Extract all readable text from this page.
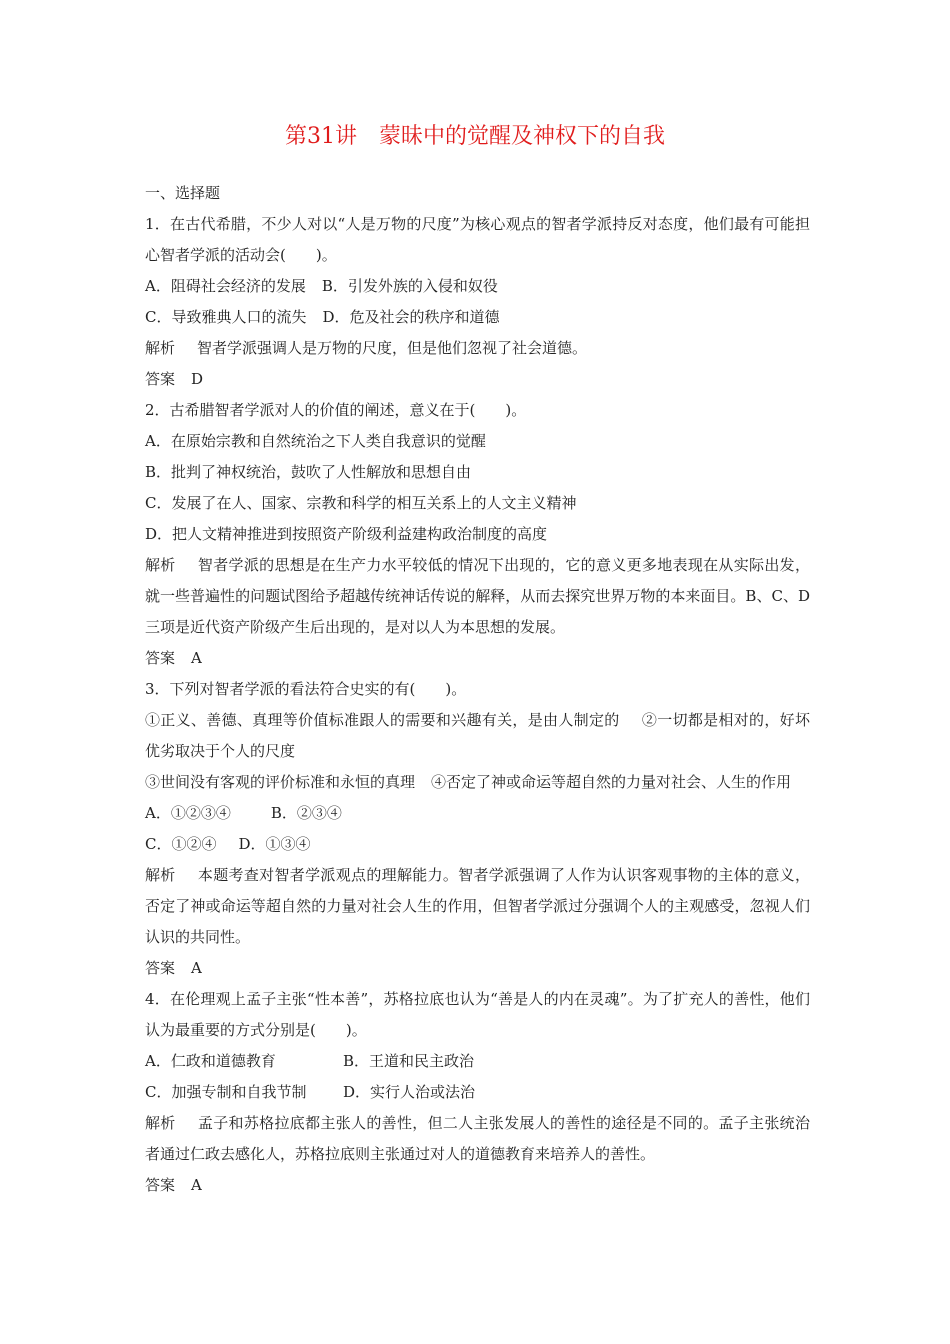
第31讲　蒙昧中的觉醒及神权下的自我

一、选择题

1．在古代希腊，不少人对以“人是万物的尺度”为核心观点的智者学派持反对态度，他们最有可能担心智者学派的活动会(　　)。

A．阻碍社会经济的发展 B．引发外族的入侵和奴役

C．导致雅典人口的流失 D．危及社会的秩序和道德

解析 智者学派强调人是万物的尺度，但是他们忽视了社会道德。

答案 D

2．古希腊智者学派对人的价值的阐述，意义在于(　　)。

A．在原始宗教和自然统治之下人类自我意识的觉醒

B．批判了神权统治，鼓吹了人性解放和思想自由

C．发展了在人、国家、宗教和科学的相互关系上的人文主义精神

D．把人文精神推进到按照资产阶级利益建构政治制度的高度

解析 智者学派的思想是在生产力水平较低的情况下出现的，它的意义更多地表现在从实际出发，就一些普遍性的问题试图给予超越传统神话传说的解释，从而去探究世界万物的本来面目。B、C、D三项是近代资产阶级产生后出现的，是对以人为本思想的发展。

答案 A

3．下列对智者学派的看法符合史实的有(　　)。

①正义、善德、真理等价值标准跟人的需要和兴趣有关，是由人制定的 ②一切都是相对的，好坏优劣取决于个人的尺度

③世间没有客观的评价标准和永恒的真理 ④否定了神或命运等超自然的力量对社会、人生的作用

A．①②③④	B．②③④

C．①②④ D．①③④

解析 本题考查对智者学派观点的理解能力。智者学派强调了人作为认识客观事物的主体的意义，否定了神或命运等超自然的力量对社会人生的作用，但智者学派过分强调个人的主观感受，忽视人们认识的共同性。

答案 A

4．在伦理观上孟子主张“性本善”，苏格拉底也认为“善是人的内在灵魂”。为了扩充人的善性，他们认为最重要的方式分别是(　　)。

A．仁政和道德教育	B．王道和民主政治

C．加强专制和自我节制 D．实行人治或法治

解析 孟子和苏格拉底都主张人的善性，但二人主张发展人的善性的途径是不同的。孟子主张统治者通过仁政去感化人，苏格拉底则主张通过对人的道德教育来培养人的善性。

答案 A
